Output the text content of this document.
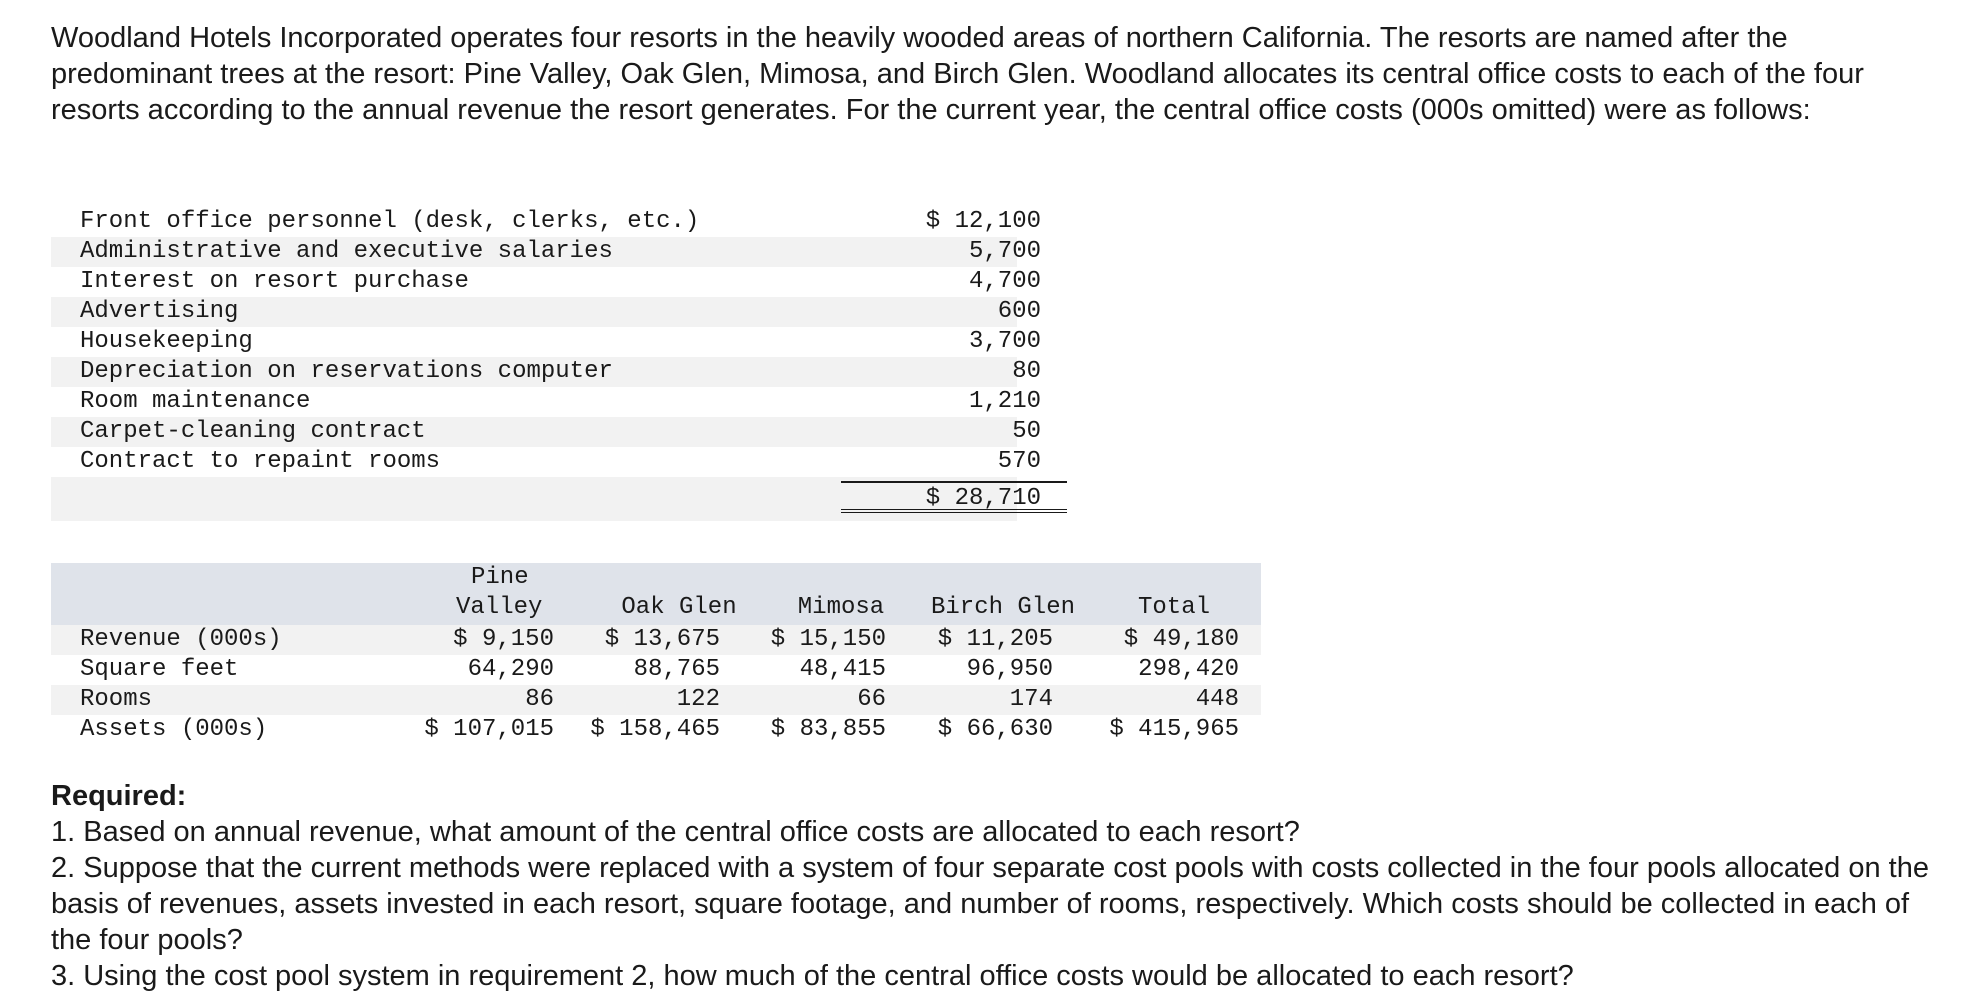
Woodland Hotels Incorporated operates four resorts in the heavily wooded areas of northern California. The resorts are named after the predominant trees at the resort: Pine Valley, Oak Glen, Mimosa, and Birch Glen. Woodland allocates its central office costs to each of the four resorts according to the annual revenue the resort generates. For the current year, the central office costs (000s omitted) were as follows:

Front office personnel (desk, clerks, etc.)	$ 12,100
Administrative and executive salaries	5,700
Interest on resort purchase	4,700
Advertising	600
Housekeeping	3,700
Depreciation on reservations computer	80
Room maintenance	1,210
Carpet-cleaning contract	50
Contract to repaint rooms	570
$ 28,710
Pine
Valley	Oak Glen	Mimosa	Birch Glen	Total
Revenue (000s)	$ 9,150 $ 13,675 $ 15,150 $ 11,205	$ 49,180
Square feet	64,290	88,765	48,415	96,950	298,420
Rooms	86	122	66	174	448
Assets (000s)	$ 107,015 $ 158,465 $ 83,855 $ 66,630 $ 415,965

Required:

1. Based on annual revenue, what amount of the central office costs are allocated to each resort?

2. Suppose that the current methods were replaced with a system of four separate cost pools with costs collected in the four pools allocated on the basis of revenues, assets invested in each resort, square footage, and number of rooms, respectively. Which costs should be collected in each of the four pools?

3. Using the cost pool system in requirement 2, how much of the central office costs would be allocated to each resort?
